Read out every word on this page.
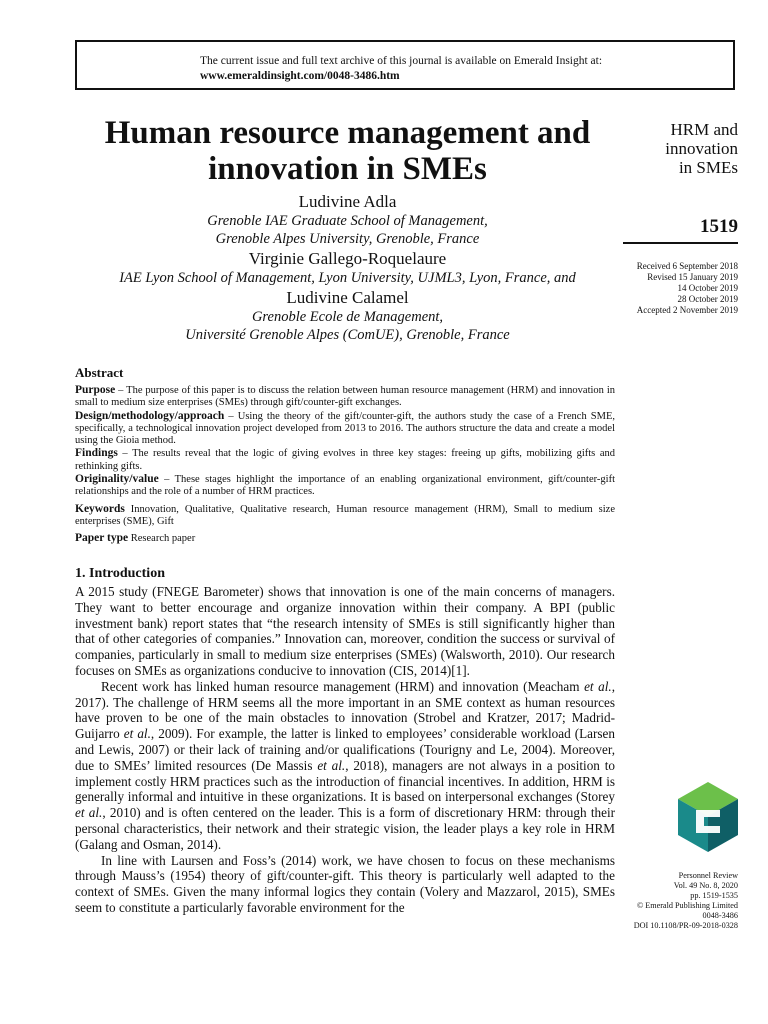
The current issue and full text archive of this journal is available on Emerald Insight at:
www.emeraldinsight.com/0048-3486.htm
Human resource management and
innovation in SMEs
Ludivine Adla
Grenoble IAE Graduate School of Management,
Grenoble Alpes University, Grenoble, France
Virginie Gallego-Roquelaure
IAE Lyon School of Management, Lyon University, UJML3, Lyon, France, and
Ludivine Calamel
Grenoble Ecole de Management,
Université Grenoble Alpes (ComUE), Grenoble, France
HRM and
innovation
in SMEs
1519
Received 6 September 2018
Revised 15 January 2019
14 October 2019
28 October 2019
Accepted 2 November 2019
Abstract

Purpose – The purpose of this paper is to discuss the relation between human resource management (HRM) and innovation in small to medium size enterprises (SMEs) through gift/counter-gift exchanges.

Design/methodology/approach – Using the theory of the gift/counter-gift, the authors study the case of a French SME, specifically, a technological innovation project developed from 2013 to 2016. The authors structure the data and create a model using the Gioia method.

Findings – The results reveal that the logic of giving evolves in three key stages: freeing up gifts, mobilizing gifts and rethinking gifts.

Originality/value – These stages highlight the importance of an enabling organizational environment, gift/counter-gift relationships and the role of a number of HRM practices.

Keywords Innovation, Qualitative, Qualitative research, Human resource management (HRM), Small to medium size enterprises (SME), Gift

Paper type Research paper

1. Introduction

A 2015 study (FNEGE Barometer) shows that innovation is one of the main concerns of managers. They want to better encourage and organize innovation within their company. A BPI (public investment bank) report states that “the research intensity of SMEs is still significantly higher than that of other categories of companies.” Innovation can, moreover, condition the success or survival of companies, particularly in small to medium size enterprises (SMEs) (Walsworth, 2010). Our research focuses on SMEs as organizations conducive to innovation (CIS, 2014)[1].

Recent work has linked human resource management (HRM) and innovation (Meacham et al., 2017). The challenge of HRM seems all the more important in an SME context as human resources have proven to be one of the main obstacles to innovation (Strobel and Kratzer, 2017; Madrid-Guijarro et al., 2009). For example, the latter is linked to employees’ considerable workload (Larsen and Lewis, 2007) or their lack of training and/or qualifications (Tourigny and Le, 2004). Moreover, due to SMEs’ limited resources (De Massis et al., 2018), managers are not always in a position to implement costly HRM practices such as the introduction of financial incentives. In addition, HRM is generally informal and intuitive in these organizations. It is based on interpersonal exchanges (Storey et al., 2010) and is often centered on the leader. This is a form of discretionary HRM: through their personal characteristics, their network and their strategic vision, the leader plays a key role in HRM (Galang and Osman, 2014).

In line with Laursen and Foss’s (2014) work, we have chosen to focus on these mechanisms through Mauss’s (1954) theory of gift/counter-gift. This theory is particularly well adapted to the context of SMEs. Given the many informal logics they contain (Volery and Mazzarol, 2015), SMEs seem to constitute a particularly favorable environment for the

Personnel Review
Vol. 49 No. 8, 2020
pp. 1519-1535
© Emerald Publishing Limited
0048-3486
DOI 10.1108/PR-09-2018-0328
